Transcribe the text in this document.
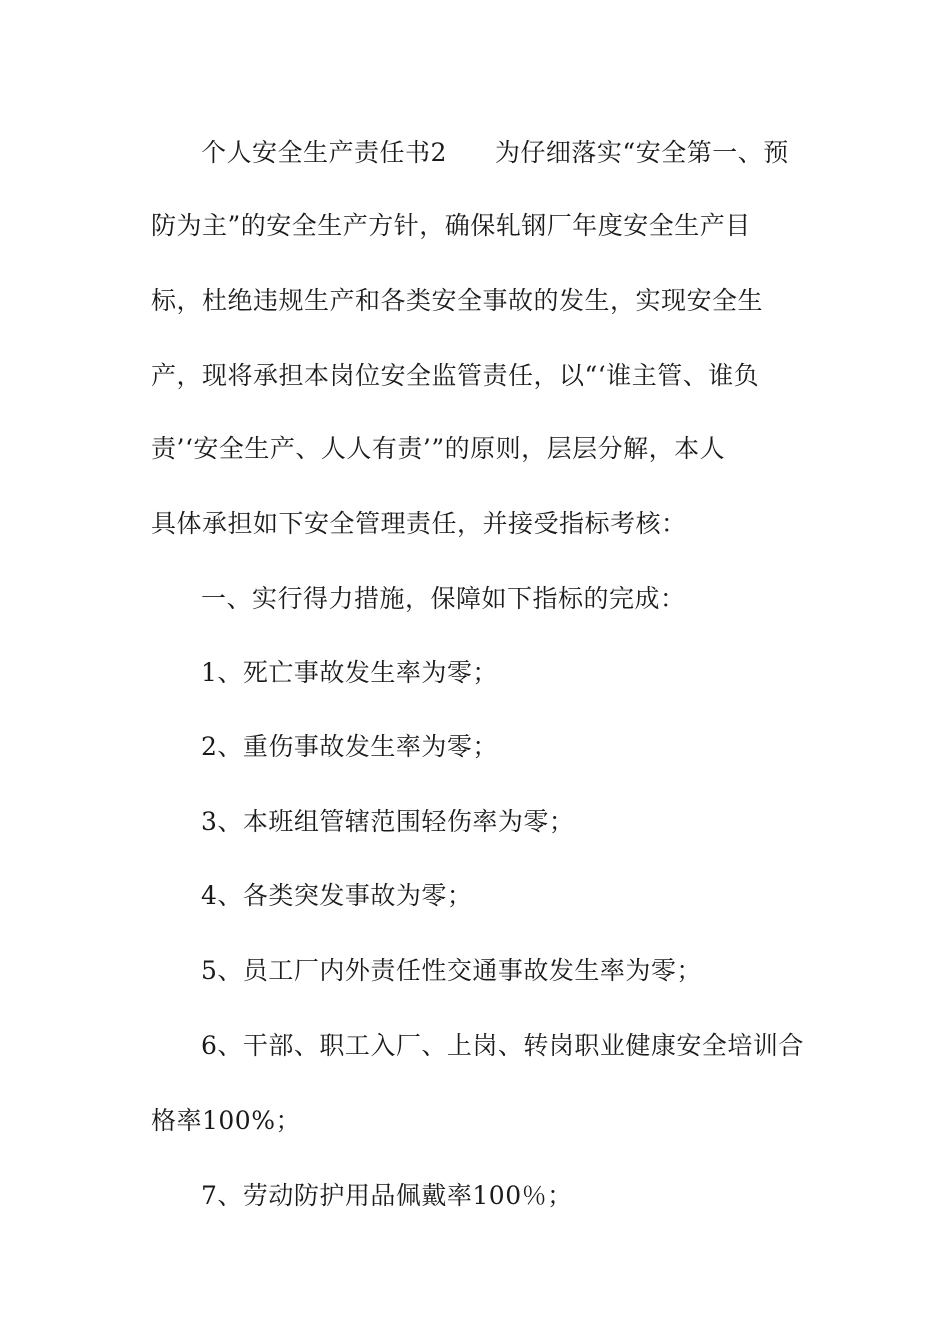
个人安全生产责任书2 为仔细落实“安全第一、预
防为主”的安全生产方针，确保轧钢厂年度安全生产目
标，杜绝违规生产和各类安全事故的发生，实现安全生
产，现将承担本岗位安全监管责任，以“‘谁主管、谁负
责’‘安全生产、人人有责’”的原则，层层分解，本人
具体承担如下安全管理责任，并接受指标考核：
一、实行得力措施，保障如下指标的完成：
1、死亡事故发生率为零；
2、重伤事故发生率为零；
3、本班组管辖范围轻伤率为零；
4、各类突发事故为零；
5、员工厂内外责任性交通事故发生率为零；
6、干部、职工入厂、上岗、转岗职业健康安全培训合
格率100%；
7、劳动防护用品佩戴率100％；
